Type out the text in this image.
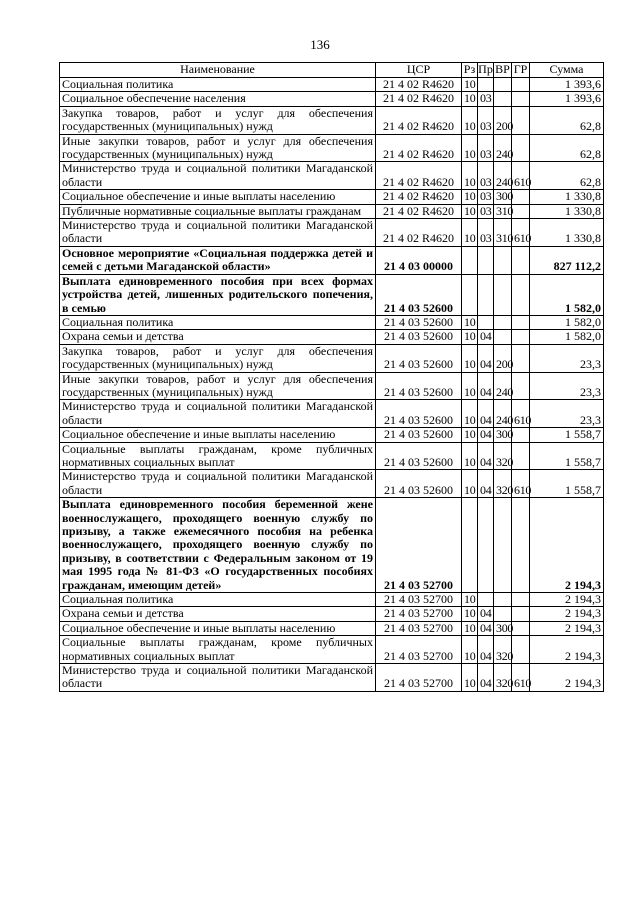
136
Наименование	ЦСР	Рз	Пр	ВР	ГР	Сумма
Социальная политика	21 4 02 R4620	10				1 393,6
Социальное обеспечение населения	21 4 02 R4620	10	03			1 393,6
Закупка товаров, работ и услуг для обеспечения государственных (муниципальных) нужд	21 4 02 R4620	10	03	200		62,8
Иные закупки товаров, работ и услуг для обеспечения государственных (муниципальных) нужд	21 4 02 R4620	10	03	240		62,8
Министерство труда и социальной политики Магаданской области	21 4 02 R4620	10	03	240	610	62,8
Социальное обеспечение и иные выплаты населению	21 4 02 R4620	10	03	300		1 330,8
Публичные нормативные социальные выплаты гражданам	21 4 02 R4620	10	03	310		1 330,8
Министерство труда и социальной политики Магаданской области	21 4 02 R4620	10	03	310	610	1 330,8
Основное мероприятие «Социальная поддержка детей и семей с детьми Магаданской области»	21 4 03 00000					827 112,2
Выплата единовременного пособия при всех формах устройства детей, лишенных родительского попечения, в семью	21 4 03 52600					1 582,0
Социальная политика	21 4 03 52600	10				1 582,0
Охрана семьи и детства	21 4 03 52600	10	04			1 582,0
Закупка товаров, работ и услуг для обеспечения государственных (муниципальных) нужд	21 4 03 52600	10	04	200		23,3
Иные закупки товаров, работ и услуг для обеспечения государственных (муниципальных) нужд	21 4 03 52600	10	04	240		23,3
Министерство труда и социальной политики Магаданской области	21 4 03 52600	10	04	240	610	23,3
Социальное обеспечение и иные выплаты населению	21 4 03 52600	10	04	300		1 558,7
Социальные выплаты гражданам, кроме публичных нормативных социальных выплат	21 4 03 52600	10	04	320		1 558,7
Министерство труда и социальной политики Магаданской области	21 4 03 52600	10	04	320	610	1 558,7
Выплата единовременного пособия беременной жене военнослужащего, проходящего военную службу по призыву, а также ежемесячного пособия на ребенка военнослужащего, проходящего военную службу по призыву, в соответствии с Федеральным законом от 19 мая 1995 года № 81-ФЗ «О государственных пособиях гражданам, имеющим детей»	21 4 03 52700					2 194,3
Социальная политика	21 4 03 52700	10				2 194,3
Охрана семьи и детства	21 4 03 52700	10	04			2 194,3
Социальное обеспечение и иные выплаты населению	21 4 03 52700	10	04	300		2 194,3
Социальные выплаты гражданам, кроме публичных нормативных социальных выплат	21 4 03 52700	10	04	320		2 194,3
Министерство труда и социальной политики Магаданской области	21 4 03 52700	10	04	320	610	2 194,3
